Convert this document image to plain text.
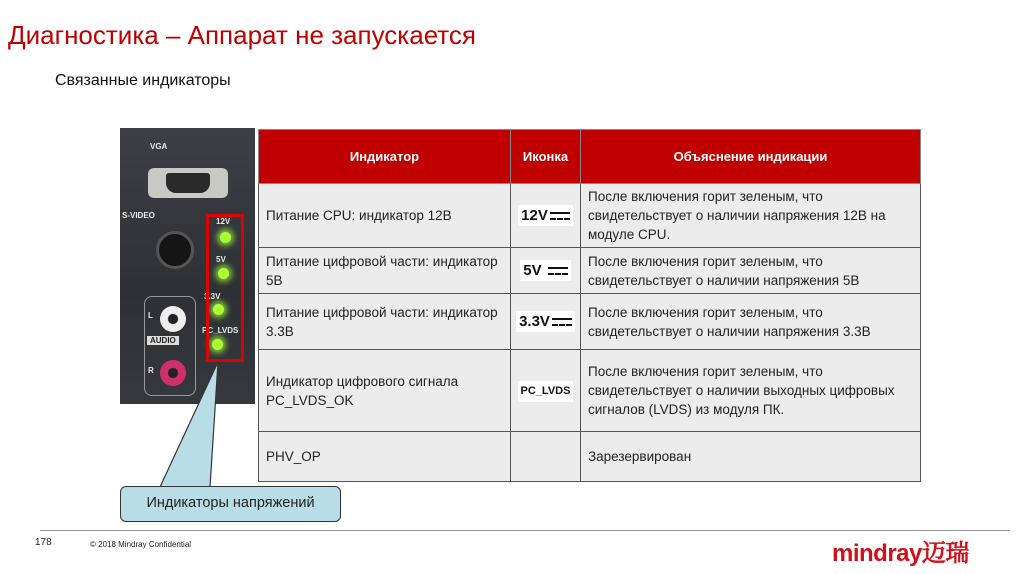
Диагностика – Аппарат не запускается
Связанные индикаторы
VGA
S-VIDEO
12V
5V
3.3V
PC_LVDS
L
AUDIO
R
Индикаторы напряжений
Индикатор	Иконка	Объяснение индикации
Питание CPU: индикатор 12В	12V	После включения горит зеленым, что свидетельствует о наличии напряжения 12В на модуле CPU.
Питание цифровой части: индикатор 5В	5V	После включения горит зеленым, что свидетельствует о наличии напряжения 5В
Питание цифровой части: индикатор 3.3В	3.3V	После включения горит зеленым, что свидетельствует о наличии напряжения 3.3В
Индикатор цифрового сигнала PC_LVDS_OK	PC_LVDS	После включения горит зеленым, что свидетельствует о наличии выходных цифровых сигналов (LVDS) из модуля ПК.
PHV_OP		Зарезервирован
178	© 2018 Mindray Confidential	mindray迈瑞
